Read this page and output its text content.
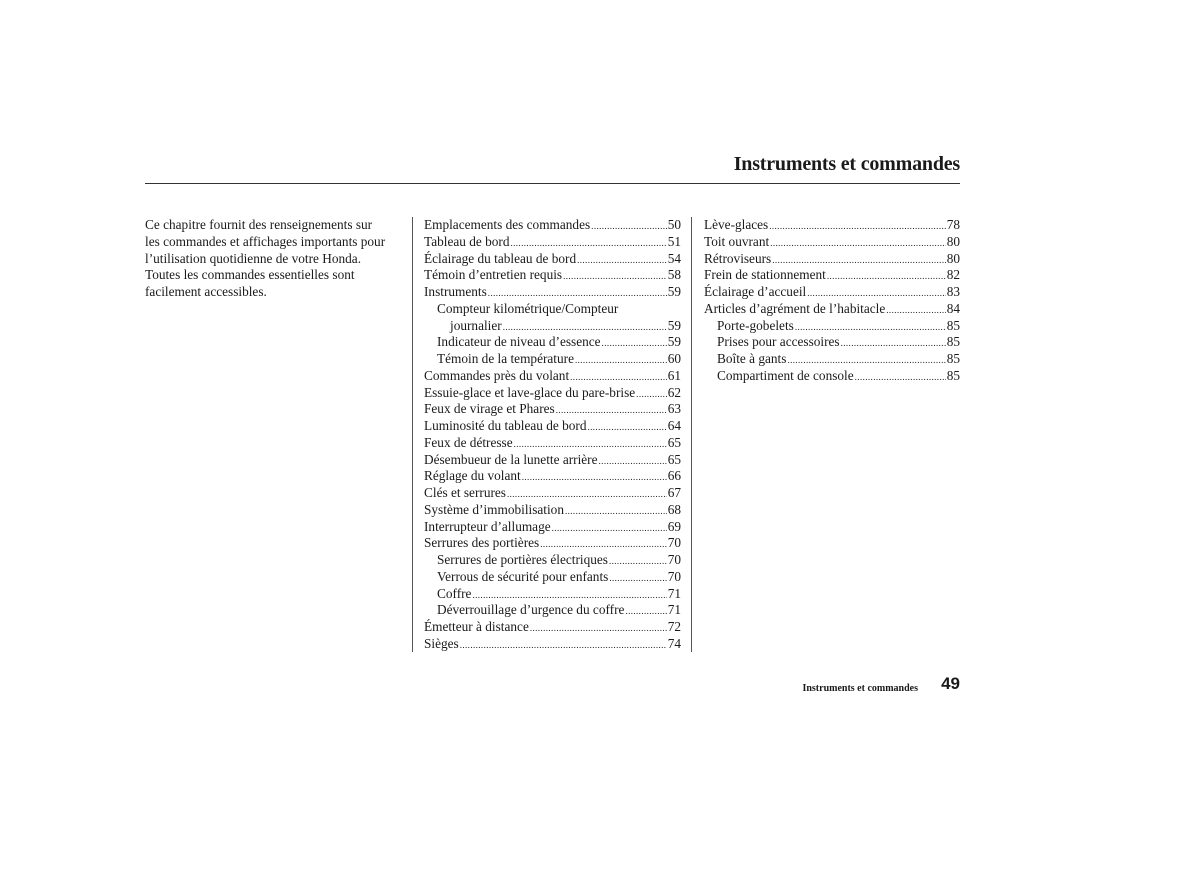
Instruments et commandes
Ce chapitre fournit des renseignements sur
les commandes et affichages importants pour
l’utilisation quotidienne de votre Honda.
Toutes les commandes essentielles sont
facilement accessibles.
Emplacements des commandes .....	50
Tableau de bord .....	51
Éclairage du tableau de bord .....	54
Témoin d’entretien requis .....	58
Instruments .....	59
Compteur kilométrique/Compteur
journalier .....	59
Indicateur de niveau d’essence .....	59
Témoin de la température .....	60
Commandes près du volant .....	61
Essuie-glace et lave-glace du pare-brise ..... 62
Feux de virage et Phares .....	63
Luminosité du tableau de bord .....	64
Feux de détresse .....	65
Désembueur de la lunette arrière .....	65
Réglage du volant .....	66
Clés et serrures .....	67
Système d’immobilisation .....	68
Interrupteur d’allumage .....	69
Serrures des portières .....	70
Serrures de portières électriques .....	70
Verrous de sécurité pour enfants .....	70
Coffre .....	71
Déverrouillage d’urgence du coffre .....	71
Émetteur à distance .....	72
Sièges .....	74
Lève-glaces .....	78
Toit ouvrant .....	80
Rétroviseurs .....	80
Frein de stationnement .....	82
Éclairage d’accueil .....	83
Articles d’agrément de l’habitacle .....	84
Porte-gobelets .....	85
Prises pour accessoires .....	85
Boîte à gants .....	85
Compartiment de console .....	85
Instruments et commandes 49
